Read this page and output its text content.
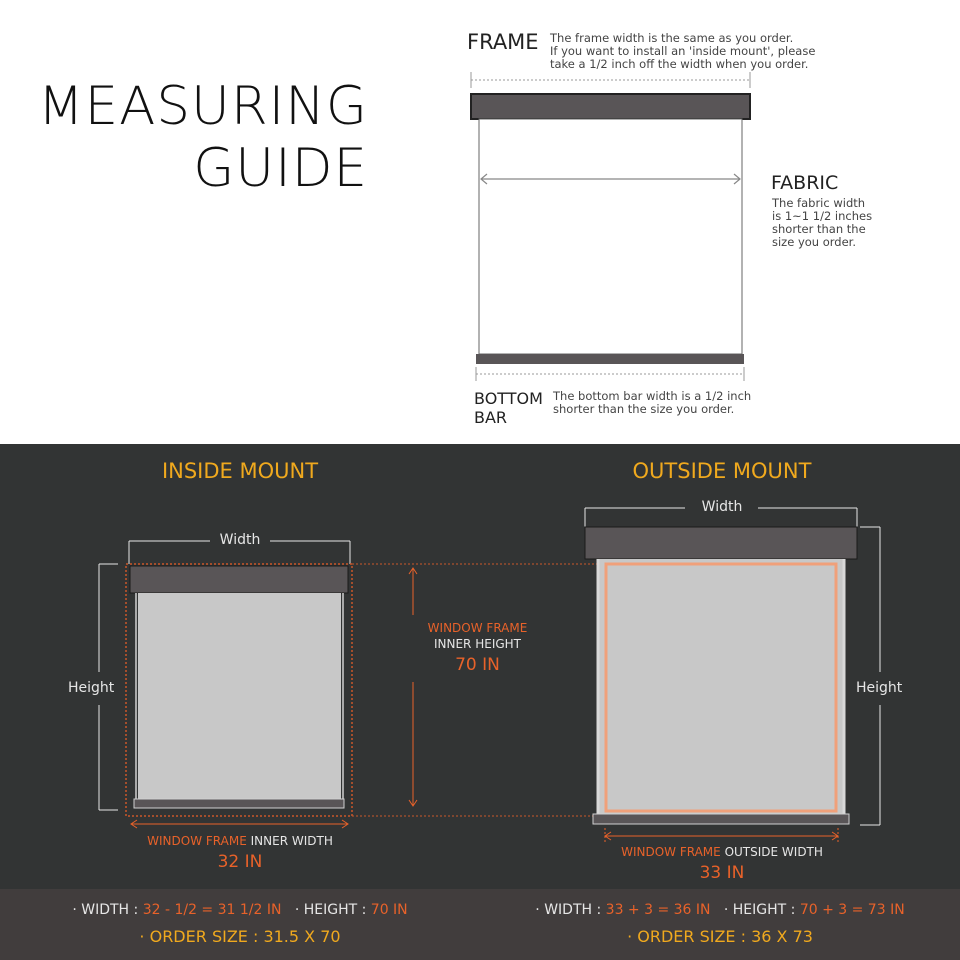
MEASURING
GUIDE
FRAME The frame width is the same as you order.
If you want to install an 'inside mount', please
take a 1/2 inch off the width when you order.
FABRIC
The fabric width
is 1~1 1/2 inches
shorter than the
size you order.
BOTTOM
BAR
The bottom bar width is a 1/2 inch
shorter than the size you order.
INSIDE MOUNT	OUTSIDE MOUNT
Width
Height
WINDOW FRAME
INNER HEIGHT
70 IN
WINDOW FRAME INNER WIDTH
32 IN
Width
Height
WINDOW FRAME OUTSIDE WIDTH
33 IN
· WIDTH : 32 - 1/2 = 31 1/2 IN · HEIGHT : 70 IN
· ORDER SIZE : 31.5 X 70
· WIDTH : 33 + 3 = 36 IN · HEIGHT : 70 + 3 = 73 IN
· ORDER SIZE : 36 X 73
